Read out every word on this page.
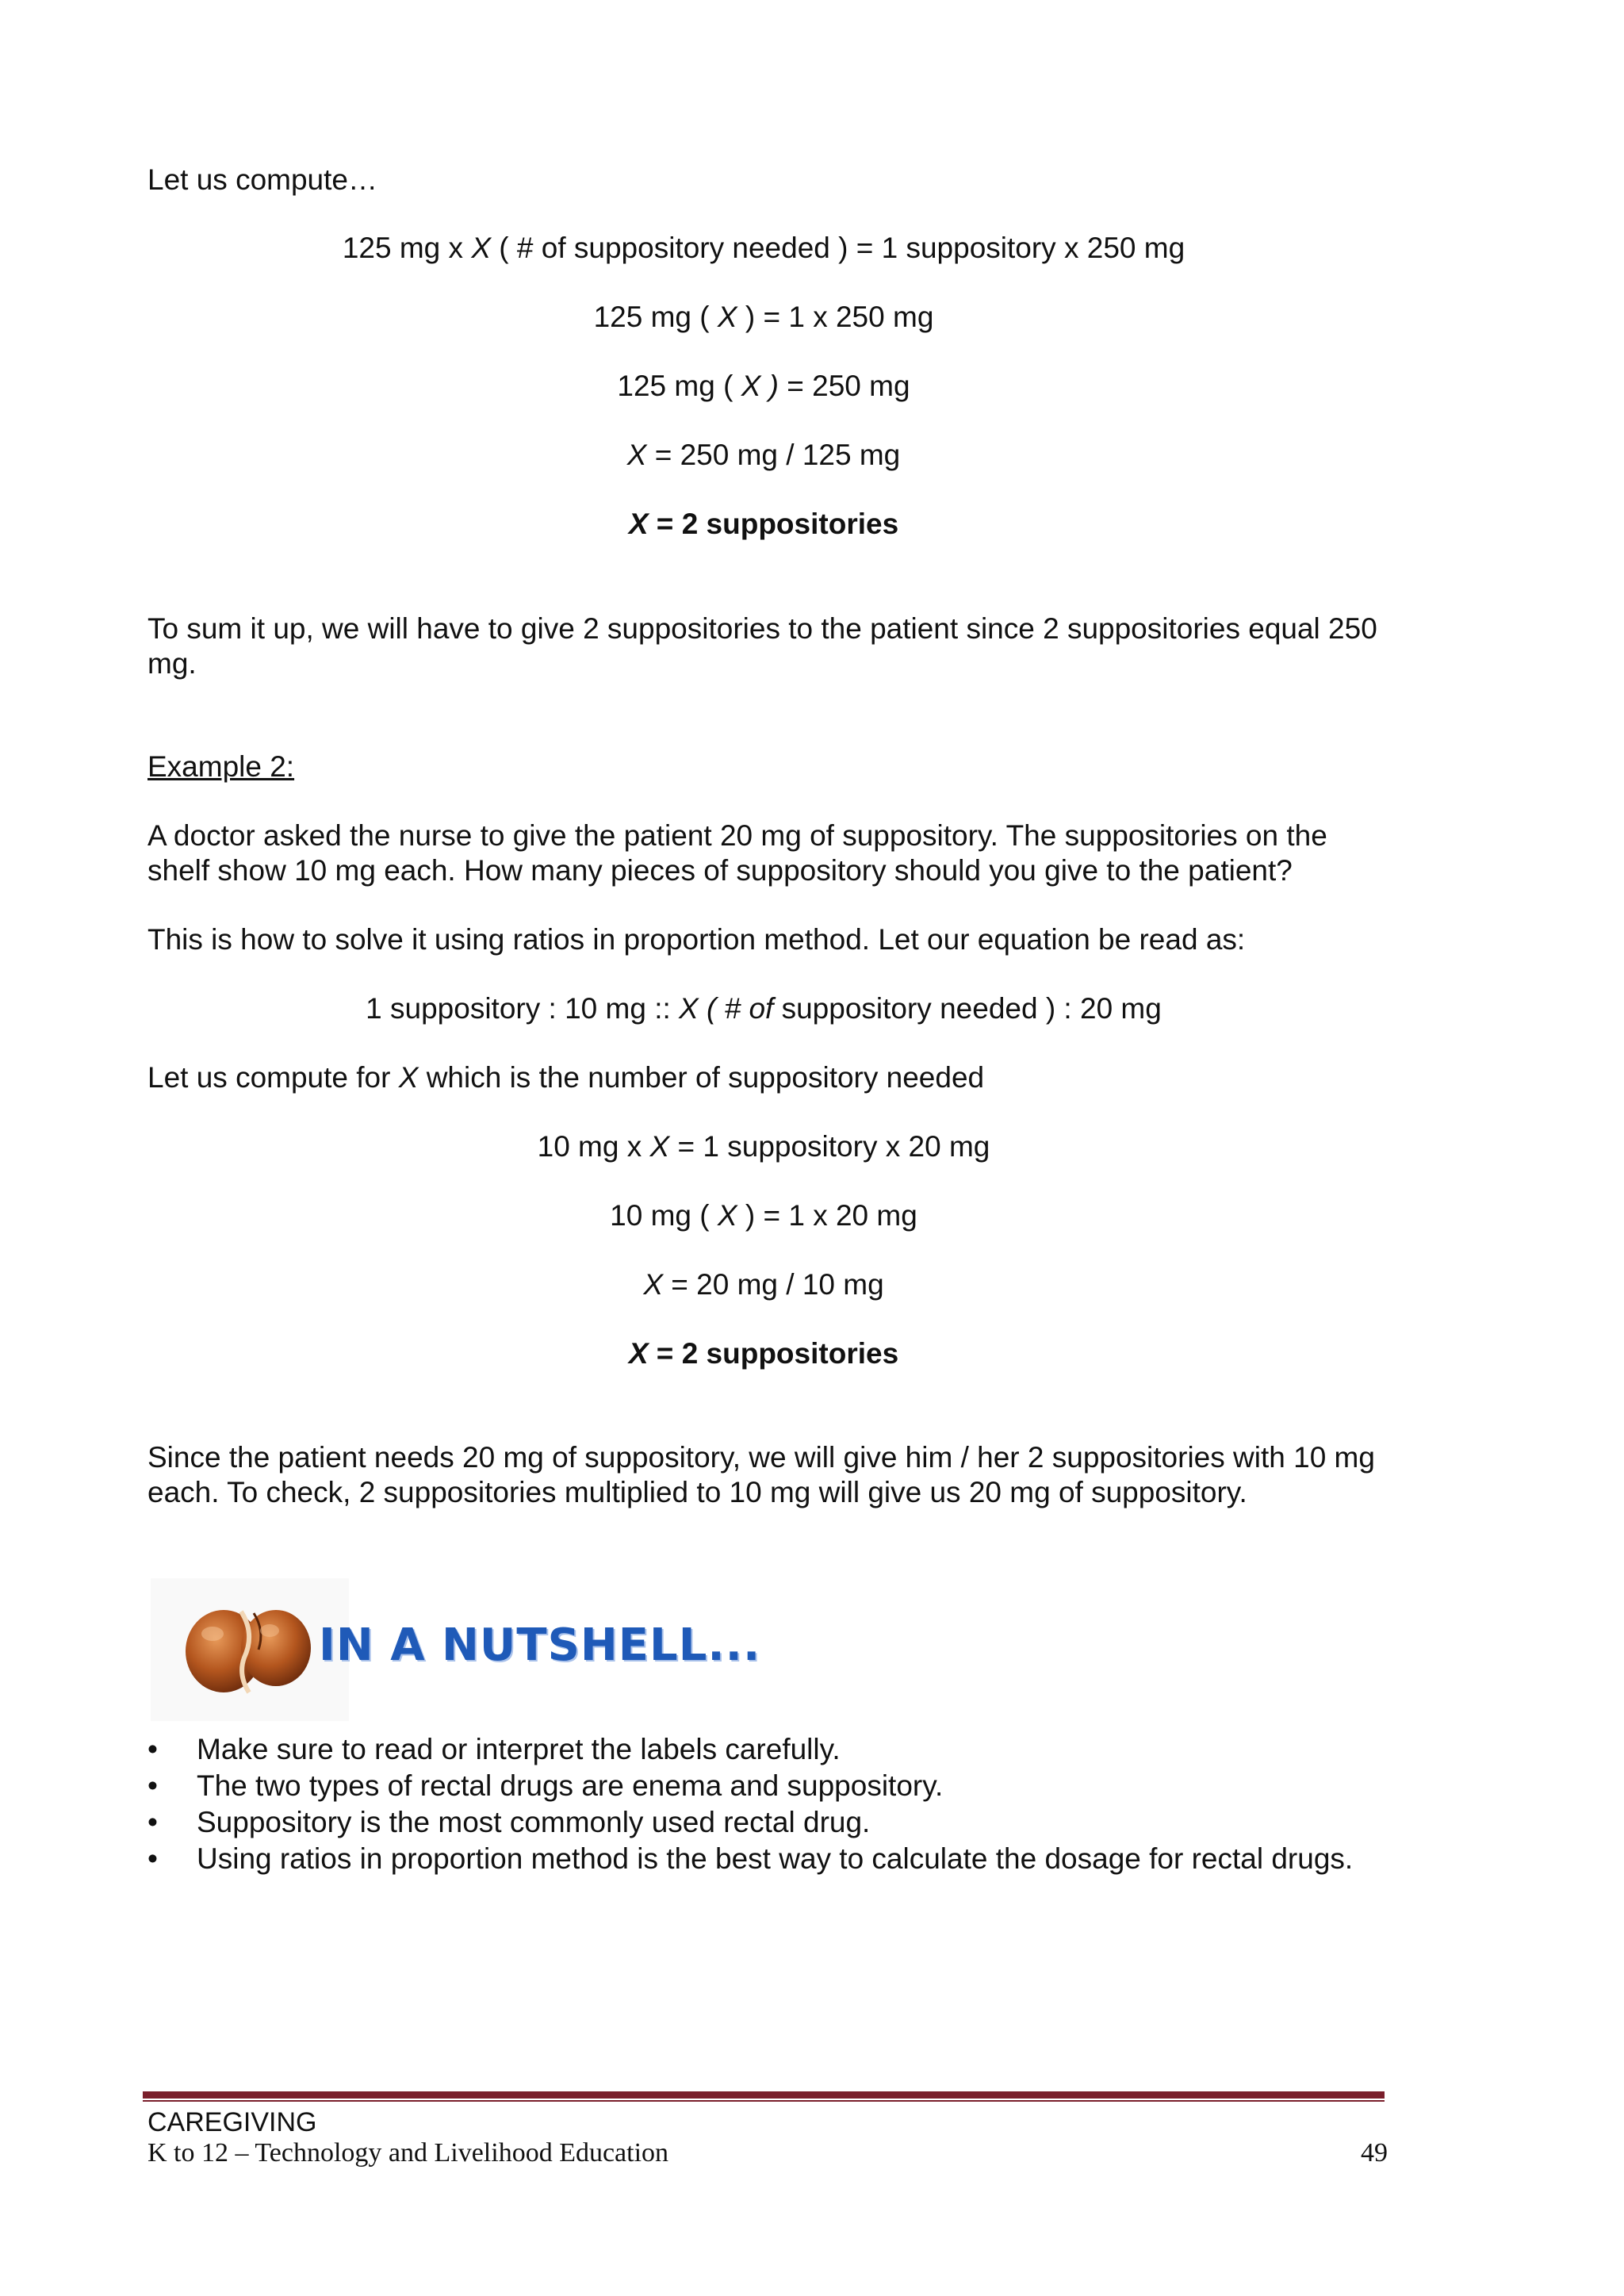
Let us compute…

125 mg x X ( # of suppository needed ) = 1 suppository x 250 mg

125 mg ( X ) = 1 x 250 mg

125 mg ( X ) = 250 mg

X = 250 mg / 125 mg

X = 2 suppositories

To sum it up, we will have to give 2 suppositories to the patient since 2 suppositories equal 250 mg.

Example 2:

A doctor asked the nurse to give the patient 20 mg of suppository. The suppositories on the shelf show 10 mg each. How many pieces of suppository should you give to the patient?

This is how to solve it using ratios in proportion method. Let our equation be read as:

1 suppository : 10 mg :: X ( # of suppository needed ) : 20 mg

Let us compute for X which is the number of suppository needed

10 mg x X = 1 suppository x 20 mg

10 mg ( X ) = 1 x 20 mg

X = 20 mg / 10 mg

X = 2 suppositories

Since the patient needs 20 mg of suppository, we will give him / her 2 suppositories with 10 mg each. To check, 2 suppositories multiplied to 10 mg will give us 20 mg of suppository.

IN A NUTSHELL...
•	Make sure to read or interpret the labels carefully.
•	The two types of rectal drugs are enema and suppository.
•	Suppository is the most commonly used rectal drug.
•	Using ratios in proportion method is the best way to calculate the dosage for rectal drugs.
CAREGIVING
K to 12 – Technology and Livelihood Education	49
